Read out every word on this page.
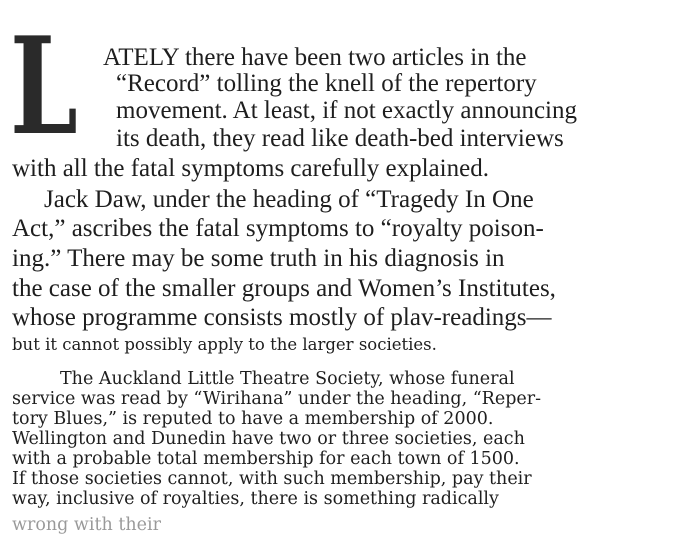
L ATELY there have been two articles in the
“Record” tolling the knell of the repertory
movement. At least, if not exactly announcing
its death, they read like death-bed interviews
with all the fatal symptoms carefully explained.
Jack Daw, under the heading of “Tragedy In One
Act,” ascribes the fatal symptoms to “royalty poison-
ing.” There may be some truth in his diagnosis in
the case of the smaller groups and Women’s Institutes,
whose programme consists mostly of plav-readings—
but it cannot possibly apply to the larger societies.
The Auckland Little Theatre Society, whose funeral
service was read by “Wirihana” under the heading, “Reper-
tory Blues,” is reputed to have a membership of 2000.
Wellington and Dunedin have two or three societies, each
with a probable total membership for each town of 1500.
If those societies cannot, with such membership, pay their
way, inclusive of royalties, there is something radically
wrong with their
